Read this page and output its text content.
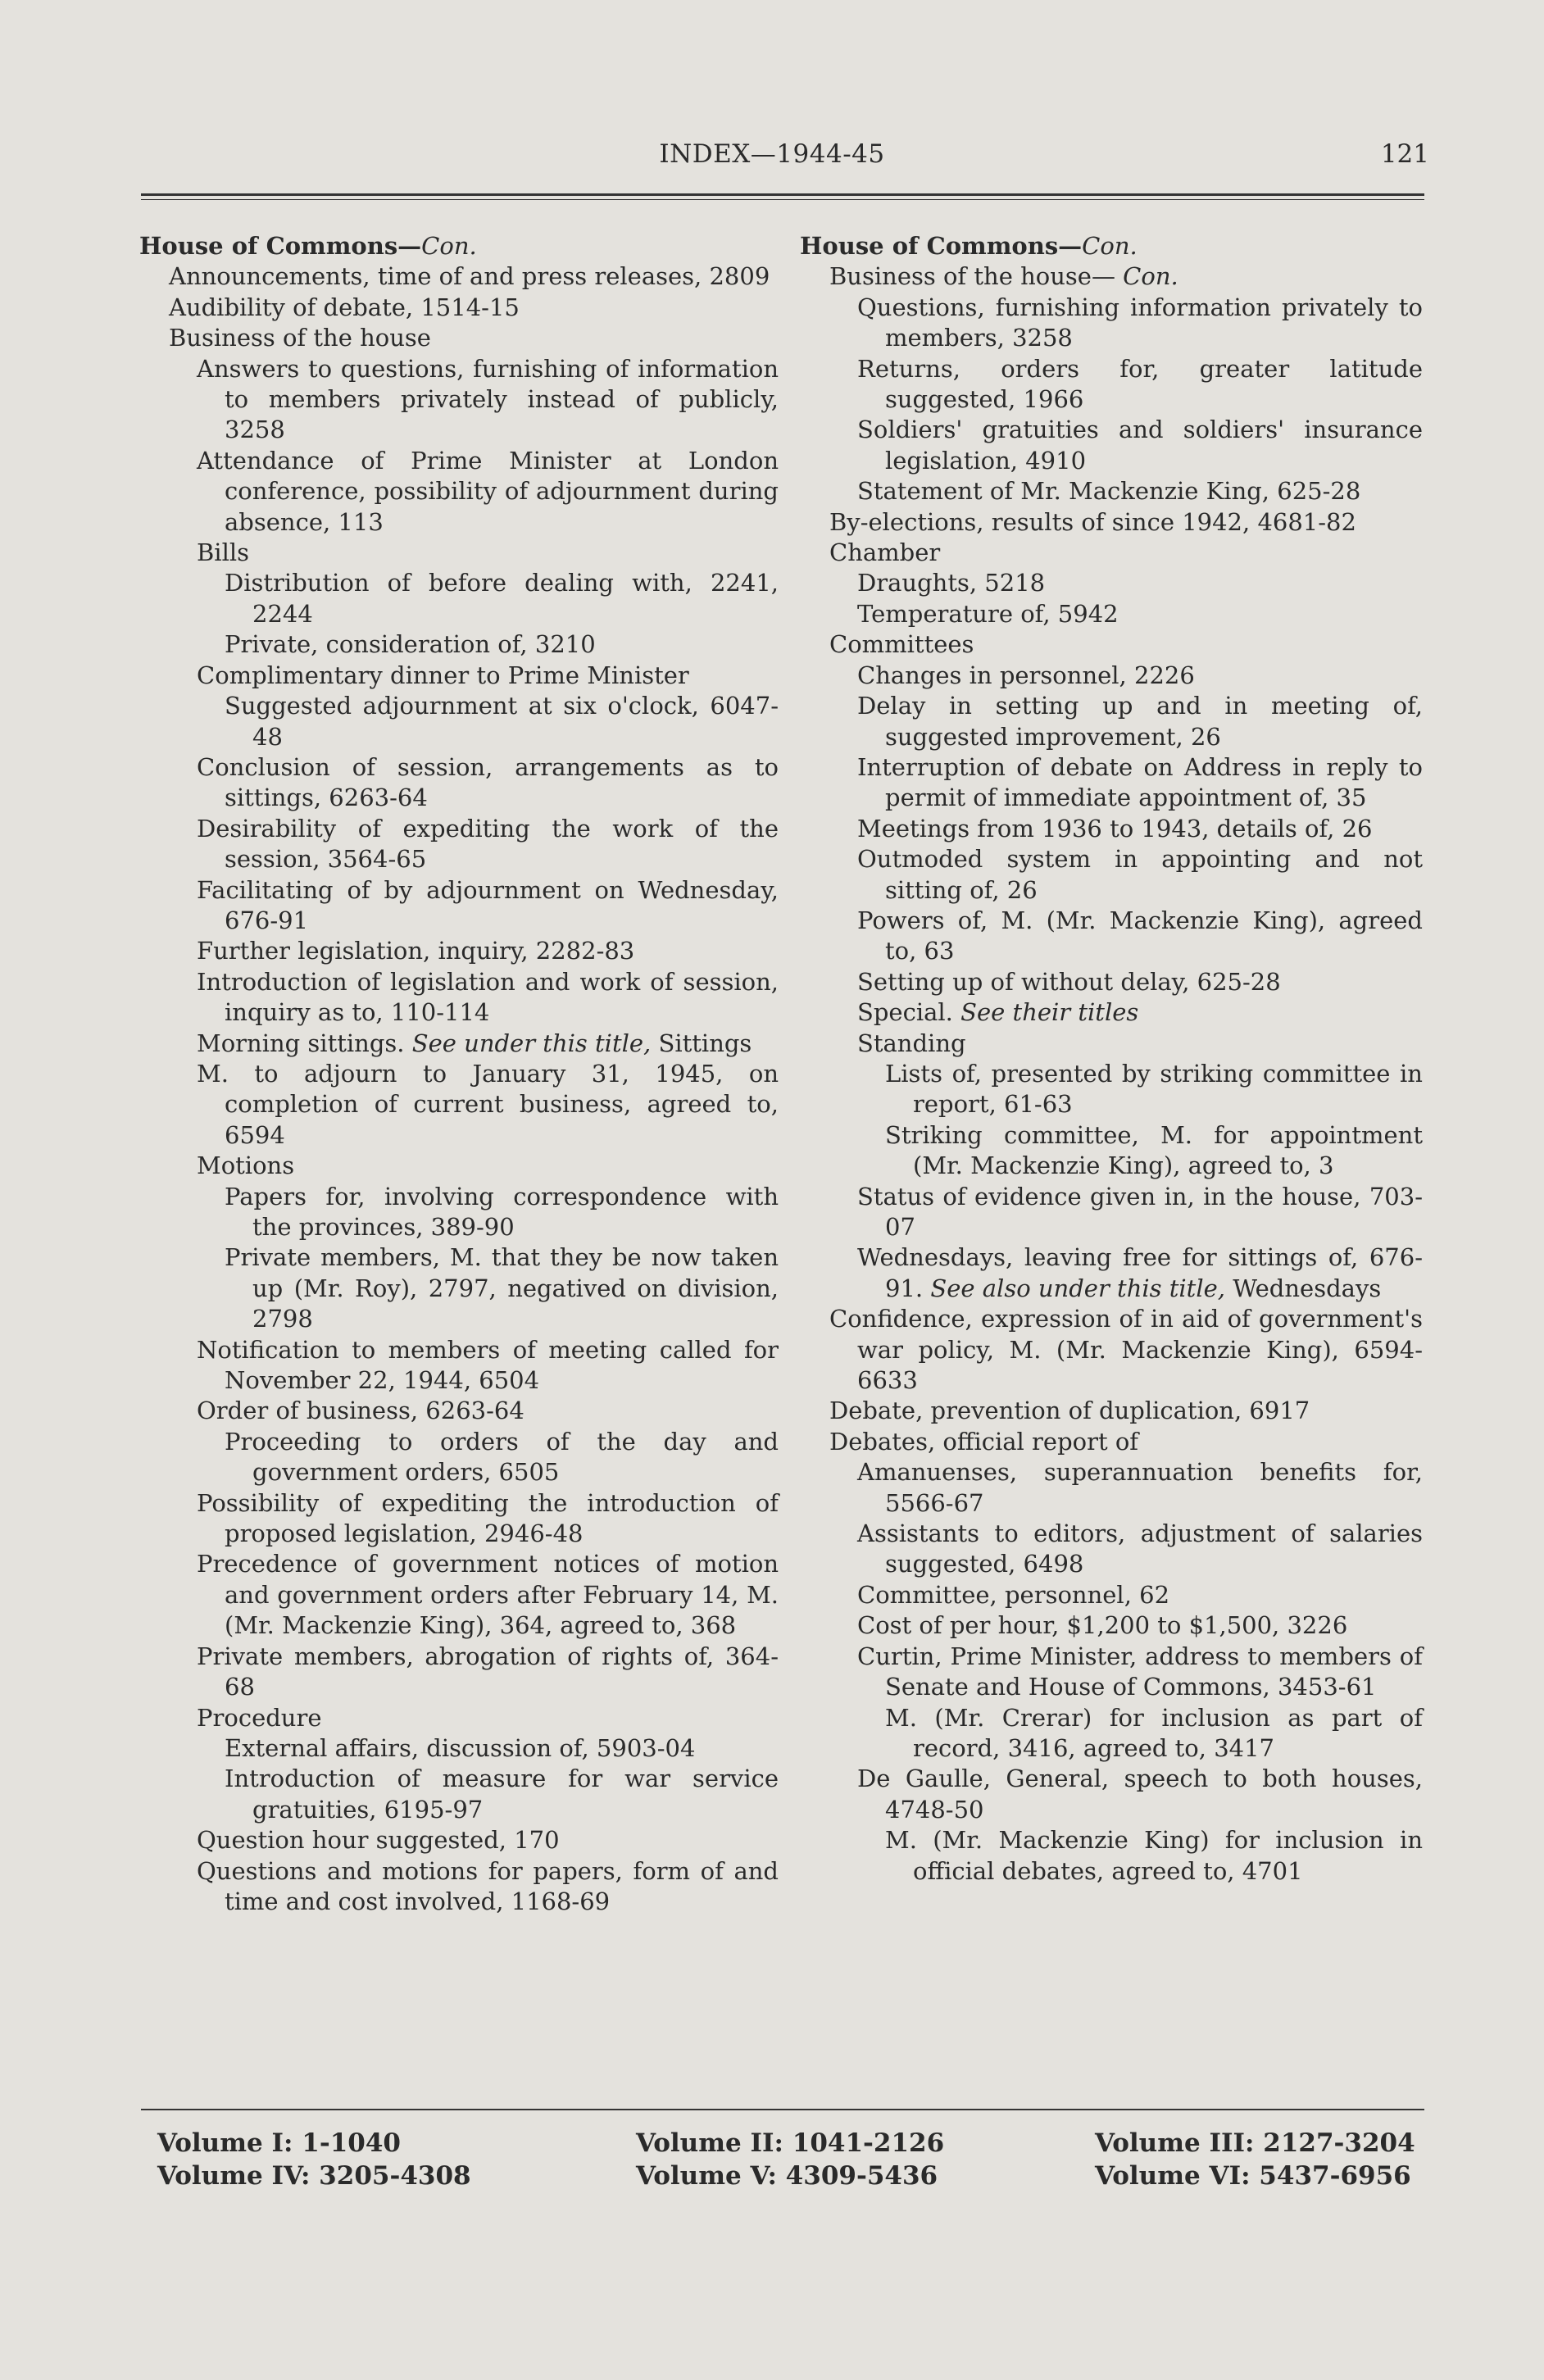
INDEX—1944-45	121
House of Commons—Con.
Announcements, time of and press releases, 2809
Audibility of debate, 1514-15
Business of the house
Answers to questions, furnishing of information to members privately instead of publicly, 3258
Attendance of Prime Minister at London conference, possibility of adjournment during absence, 113
Bills
Distribution of before dealing with, 2241, 2244
Private, consideration of, 3210
Complimentary dinner to Prime Minister
Suggested adjournment at six o'clock, 6047-48
Conclusion of session, arrangements as to sittings, 6263-64
Desirability of expediting the work of the session, 3564-65
Facilitating of by adjournment on Wednesday, 676-91
Further legislation, inquiry, 2282-83
Introduction of legislation and work of session, inquiry as to, 110-114
Morning sittings. See under this title, Sittings
M. to adjourn to January 31, 1945, on completion of current business, agreed to, 6594
Motions
Papers for, involving correspondence with the provinces, 389-90
Private members, M. that they be now taken up (Mr. Roy), 2797, negatived on division, 2798
Notification to members of meeting called for November 22, 1944, 6504
Order of business, 6263-64
Proceeding to orders of the day and government orders, 6505
Possibility of expediting the introduction of proposed legislation, 2946-48
Precedence of government notices of motion and government orders after February 14, M. (Mr. Mackenzie King), 364, agreed to, 368
Private members, abrogation of rights of, 364-68
Procedure
External affairs, discussion of, 5903-04
Introduction of measure for war service gratuities, 6195-97
Question hour suggested, 170
Questions and motions for papers, form of and time and cost involved, 1168-69
House of Commons—Con.
Business of the house— Con.
Questions, furnishing information privately to members, 3258
Returns, orders for, greater latitude suggested, 1966
Soldiers' gratuities and soldiers' insurance legislation, 4910
Statement of Mr. Mackenzie King, 625-28
By-elections, results of since 1942, 4681-82
Chamber
Draughts, 5218
Temperature of, 5942
Committees
Changes in personnel, 2226
Delay in setting up and in meeting of, suggested improvement, 26
Interruption of debate on Address in reply to permit of immediate appointment of, 35
Meetings from 1936 to 1943, details of, 26
Outmoded system in appointing and not sitting of, 26
Powers of, M. (Mr. Mackenzie King), agreed to, 63
Setting up of without delay, 625-28
Special. See their titles
Standing
Lists of, presented by striking committee in report, 61-63
Striking committee, M. for appointment (Mr. Mackenzie King), agreed to, 3
Status of evidence given in, in the house, 703-07
Wednesdays, leaving free for sittings of, 676-91. See also under this title, Wednesdays
Confidence, expression of in aid of government's war policy, M. (Mr. Mackenzie King), 6594-6633
Debate, prevention of duplication, 6917
Debates, official report of
Amanuenses, superannuation benefits for, 5566-67
Assistants to editors, adjustment of salaries suggested, 6498
Committee, personnel, 62
Cost of per hour, $1,200 to $1,500, 3226
Curtin, Prime Minister, address to members of Senate and House of Commons, 3453-61
M. (Mr. Crerar) for inclusion as part of record, 3416, agreed to, 3417
De Gaulle, General, speech to both houses, 4748-50
M. (Mr. Mackenzie King) for inclusion in official debates, agreed to, 4701
Volume I: 1-1040
Volume IV: 3205-4308
Volume II: 1041-2126
Volume V: 4309-5436
Volume III: 2127-3204
Volume VI: 5437-6956
